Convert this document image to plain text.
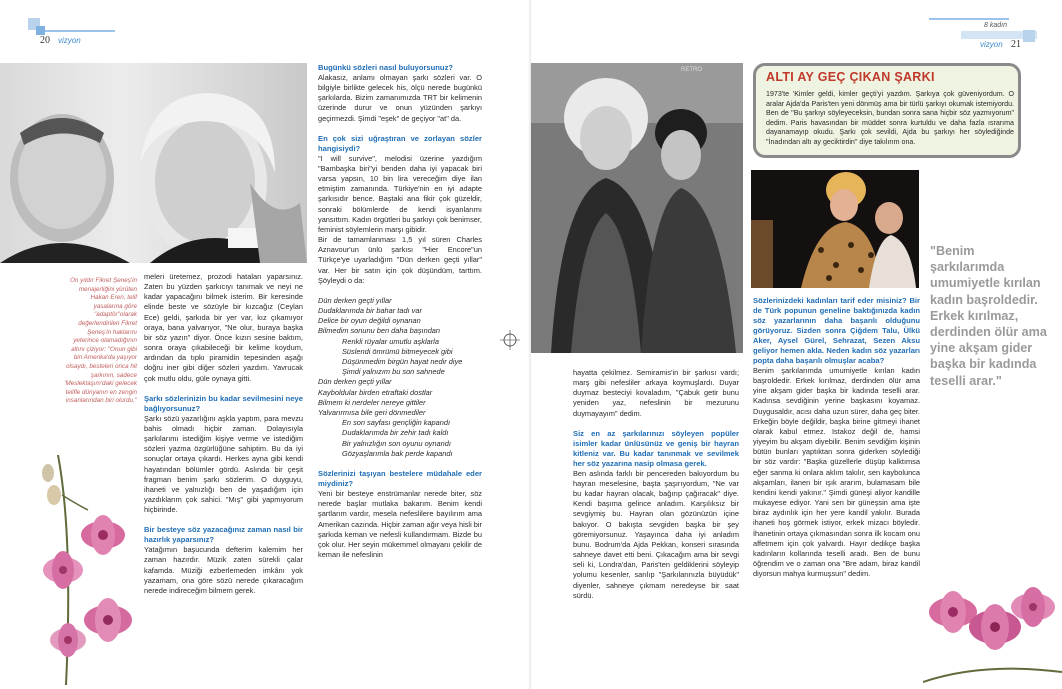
20 vizyon
On yıldır Fikret Şeneş'in menajerliğini yürüten Hakan Eren, telif yasalarına göre "adaptör"olarak değerlendirilen Fikret Şeneş'in haklarını yeterince olamadığının altını çiziyor: "Onun gibi biri Amerika'da yaşıyor olsaydı, besteleri onca hit şarkının, sadece 'Meslektaşım'daki gelecek telifle dünyanın en zengin insanlarından biri olurdu."

meleri üretemez, prozodi hataları yaparsınız. Zaten bu yüzden şarkıcıyı tanımak ve neyi ne kadar yapacağını bilmek isterim. Bir keresinde elinde beste ve sözüyle bir kızcağız (Ceylan Ece) geldi, şarkıda bir yer var, kız çıkamıyor oraya, bana yalvarıyor, "Ne olur, buraya başka bir söz yazın" diyor. Önce kızın sesine baktım, sonra oraya çıkabileceği bir kelime koydum, ardından da tıpkı piramidin tepesinden aşağı doğru iner gibi diğer sözleri yazdım. Yavrucak çok mutlu oldu, güle oynaya gitti.

Şarkı sözlerinizin bu kadar sevilmesini neye bağlıyorsunuz?

Şarkı sözü yazarlığını aşkla yaptım, para mevzu bahis olmadı hiçbir zaman. Dolayısıyla şarkılarımı istediğim kişiye verme ve istediğim sözleri yazma özgürlüğüne sahiptim. Bu da iyi sonuçlar ortaya çıkardı. Herkes ayna gibi kendi hayatından bölümler gördü. Aslında bir çeşit fragman benim şarkı sözlerim. O duyguyu, ihaneti ve yalnızlığı ben de yaşadığım için yazdıklarım çok sahici. "Mış" gibi yapmıyorum hiçbirinde.

Bir besteye söz yazacağınız zaman nasıl bir hazırlık yaparsınız?

Yatağımın başucunda defterim kalemim her zaman hazırdır. Müzik zaten sürekli çalar kafamda. Müziği ezberlemeden imkânı yok yazamam, ona göre sözü nerede çıkaracağım nerede indireceğim bilmem gerek.

Bugünkü sözleri nasıl buluyorsunuz?

Alakasız, anlamı olmayan şarkı sözleri var. O bilgiyle birlikte gelecek his, ölçü nerede bugünkü şarkılarda. Bizim zamanımızda TRT bir kelimenin üzerinde durur ve onun yüzünden şarkıyı geçirmezdi. Şimdi "eşek" de geçiyor "at" da.

En çok sizi uğraştıran ve zorlayan sözler hangisiydi?

"I will survive", melodisi üzerine yazdığım "Bambaşka biri"yi benden daha iyi yapacak biri varsa yapsın, 10 bin lira vereceğim diye ilan etmiştim zamanında. Türkiye'nin en iyi adapte şarkısıdır bence. Baştaki ana fikir çok güzeldir, sonraki bölümlerde de kendi isyanlarımı yansıttım. Kadın örgütleri bu şarkıyı çok benimser, feminist söylemlerin marşı gibidir.

Bir de tamamlanması 1,5 yıl süren Charles Aznavour'un ünlü şarkısı "Hier Encore"un Türkçe'ye uyarladığım "Dün derken geçti yıllar" var. Her bir satırı için çok düşündüm, tarttım. Şöyleydi o da:

Dün derken geçti yıllar
Dudaklarımda bir bahar tadı var
Delice bir oyun değildi oynanan
Bilmedim sonunu ben daha başından
Renkli rüyalar umutlu aşklarla
Süslendi ömrümü bitmeyecek gibi
Düşünmedim birgün hayat nedir diye
Şimdi yalnızım bu son sahnede
Dün derken geçti yıllar
Kayboldular birden etraftaki dostlar
Bilmem ki nerdeler nereye gittiler
Yalvarırmısa bile geri dönmediler
En son sayfası gençliğin kapandı
Dudaklarımda bir zehir tadı kaldı
Bir yalnızlığın son oyunu oynandı
Gözyaşlarımla bak perde kapandı

Sözlerinizi taşıyan bestelere müdahale eder miydiniz?

Yeni bir besteye enstrümanlar nerede biter, söz nerede başlar mutlaka bakarım. Benim kendi şartlarım vardır, mesela nefeslilere bayılırım ama Amerikan cazında. Hiçbir zaman ağır veya hisli bir şarkıda keman ve nefesli kullandırmam. Bizde bu çok olur. Her seyin mükemmel olmayanı çekilir de keman ile nefeslinin

8 kadın
vizyon 21
RETRO

hayatta çekilmez. Semiramis'in bir şarkısı vardı; marş gibi nefesliler arkaya koymuşlardı. Duyar duymaz besteciyi kovaladım, "Çabuk getir bunu yeniden yaz, nefeslinin bir mezurunu duymayayım" dedim.

Siz en az şarkılarınızı söyleyen popüler isimler kadar ünlüsünüz ve geniş bir hayran kitleniz var. Bu kadar tanınmak ve sevilmek her söz yazarına nasip olmasa gerek.

Ben aslında farklı bir pencereden bakıyordum bu hayran meselesine, başta şaşırıyordum, "Ne var bu kadar hayran olacak, bağırıp çağıracak" diye. Kendi başıma gelince anladım. Karşılıksız bir sevgiymiş bu. Hayran olan gözünüzün içine bakıyor. O bakışta sevgiden başka bir şey göremiyorsunuz. Yaşayınca daha iyi anladım bunu. Bodrum'da Ajda Pekkan, konseri sırasında sahneye davet etti beni. Çıkacağım ama bir sevgi seli ki, Londra'dan, Paris'ten geldiklerini söyleyip yolumu kesenler, sarılıp "Şarkılarınızla büyüdük" diyenler, sahneye çıkmam neredeyse bir saat sürdü.

ALTI AY GEÇ ÇIKAN ŞARKI
1973'te 'Kimler geldi, kimler geçti'yi yazdım. Şarkıya çok güveniyordum. O aralar Ajda'da Paris'ten yeni dönmüş ama bir türlü şarkıyı okumak istemiyordu. Ben de "Bu şarkıyı söyleyeceksin, bundan sonra sana hiçbir söz yazmıyorum" dedim. Paris havasından bir müddet sonra kurtuldu ve daha fazla ısrarıma dayanamayıp okudu. Şarkı çok sevildi, Ajda bu şarkıyı her söylediğinde "İnadından altı ay geciktirdin" diye takılırım ona.

Sözlerinizdeki kadınları tarif eder misiniz? Bir de Türk popunun geneline baktığınızda kadın söz yazarlarının daha başarılı olduğunu görüyoruz. Sizden sonra Çiğdem Talu, Ülkü Aker, Aysel Gürel, Sehrazat, Sezen Aksu geliyor hemen akla. Neden kadın söz yazarları popta daha başarılı olmuşlar acaba?

Benim şarkılarımda umumiyetle kırılan kadın başroldedir. Erkek kırılmaz, derdinden ölür ama yine akşam gider başka bir kadında teselli arar. Kadınsa sevdiğinin yerine başkasını koyamaz. Duygusaldır, acısı daha uzun sürer, daha geç biter. Erkeğin böyle değildir, başka birine gitmeyi ihanet olarak kabul etmez. Istakoz değil de, hamsi yiyeyim bu akşam diyebilir. Benim sevdiğim kişinin bütün bunları yaptıktan sonra giderken söylediği bir söz vardır: "Başka güzellerle düşüp kalktımsa eğer sanma ki onlara aklım takılır, sen kaybolunca akşamları, ilanen bir ışık ararım, bulamasam bile kendini kendi yakınır." Şimdi güneşi aliyor kandille mukayese ediyor. Yani sen bir güneşsin ama işte biraz aydınlık için her yere kandil yakılır. Burada ihaneti hoş görmek istiyor, erkek mizacı böyledir. İhanetinin ortaya çıkmasından sonra ilk kocam onu affetmem için çok yalvardı. Hayır dedikçe başka kadınların kollarında teselli aradı. Ben de bunu öğrendim ve o zaman ona "Bre adam, biraz kandil diyorsun mahya kurmuşsun" dedim.

"Benim şarkılarımda umumiyetle kırılan kadın başroldedir. Erkek kırılmaz, derdinden ölür ama yine akşam gider başka bir kadında teselli arar."
